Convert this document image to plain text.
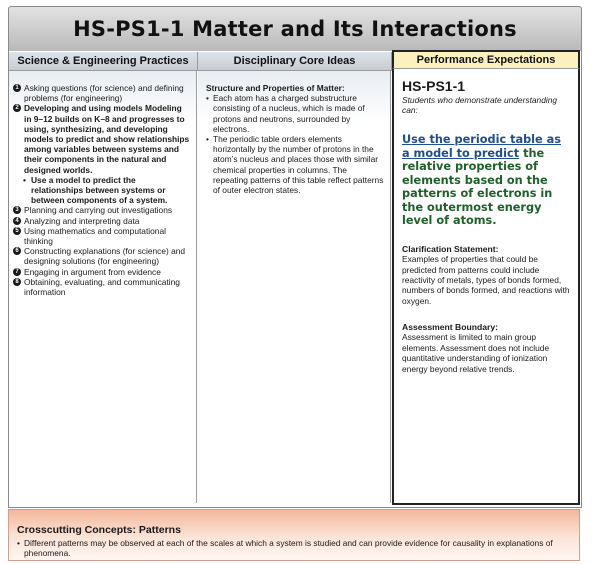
HS-PS1-1 Matter and Its Interactions
Science & Engineering Practices	Disciplinary Core Ideas	Performance Expectations
1 Asking questions (for science) and defining problems (for engineering)
2 Developing and using models Modeling in 9–12 builds on K–8 and progresses to using, synthesizing, and developing models to predict and show relationships among variables between systems and their components in the natural and designed worlds.
• Use a model to predict the relationships between systems or between components of a system.
3 Planning and carrying out investigations
4 Analyzing and interpreting data
5 Using mathematics and computational thinking
6 Constructing explanations (for science) and designing solutions (for engineering)
7 Engaging in argument from evidence
8 Obtaining, evaluating, and communicating information
Structure and Properties of Matter:
• Each atom has a charged substructure consisting of a nucleus, which is made of protons and neutrons, surrounded by electrons.
• The periodic table orders elements horizontally by the number of protons in the atom’s nucleus and places those with similar chemical properties in columns. The repeating patterns of this table reflect patterns of outer electron states.
HS-PS1-1
Students who demonstrate understanding can:
Use the periodic table as a model to predict the relative properties of elements based on the patterns of electrons in the outermost energy level of atoms.
Clarification Statement:
Examples of properties that could be predicted from patterns could include reactivity of metals, types of bonds formed, numbers of bonds formed, and reactions with oxygen.
Assessment Boundary:
Assessment is limited to main group elements. Assessment does not include quantitative understanding of ionization energy beyond relative trends.
Crosscutting Concepts: Patterns
• Different patterns may be observed at each of the scales at which a system is studied and can provide evidence for causality in explanations of phenomena.
